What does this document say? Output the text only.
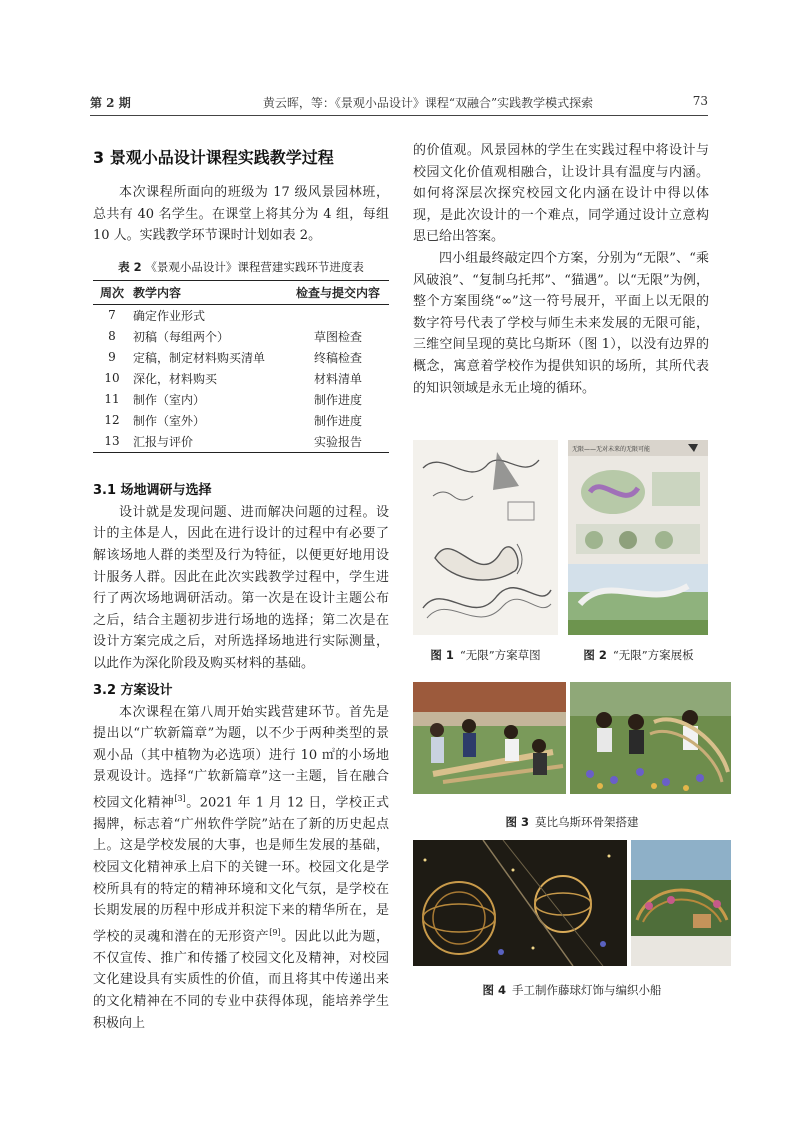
第 2 期	黄云晖，等：《景观小品设计》课程“双融合”实践教学模式探索	73
3 景观小品设计课程实践教学过程

本次课程所面向的班级为 17 级风景园林班，总共有 40 名学生。在课堂上将其分为 4 组，每组 10 人。实践教学环节课时计划如表 2。

表 2 《景观小品设计》课程营建实践环节进度表
周次	教学内容	检查与提交内容
7	确定作业形式	
8	初稿（每组两个）	草图检查
9	定稿，制定材料购买清单	终稿检查
10	深化，材料购买	材料清单
11	制作（室内）	制作进度
12	制作（室外）	制作进度
13	汇报与评价	实验报告
3.1 场地调研与选择

设计就是发现问题、进而解决问题的过程。设计的主体是人，因此在进行设计的过程中有必要了解该场地人群的类型及行为特征，以便更好地用设计服务人群。因此在此次实践教学过程中，学生进行了两次场地调研活动。第一次是在设计主题公布之后，结合主题初步进行场地的选择；第二次是在设计方案完成之后，对所选择场地进行实际测量，以此作为深化阶段及购买材料的基础。

3.2 方案设计

本次课程在第八周开始实践营建环节。首先是提出以“广软新篇章”为题，以不少于两种类型的景观小品（其中植物为必选项）进行 10 ㎡的小场地景观设计。选择“广软新篇章”这一主题，旨在融合校园文化精神[3]。2021 年 1 月 12 日，学校正式揭牌，标志着“广州软件学院”站在了新的历史起点上。这是学校发展的大事，也是师生发展的基础，校园文化精神承上启下的关键一环。校园文化是学校所具有的特定的精神环境和文化气氛，是学校在长期发展的历程中形成并积淀下来的精华所在，是学校的灵魂和潜在的无形资产[9]。因此以此为题，不仅宣传、推广和传播了校园文化及精神，对校园文化建设具有实质性的价值，而且将其中传递出来的文化精神在不同的专业中获得体现，能培养学生积极向上

的价值观。风景园林的学生在实践过程中将设计与校园文化价值观相融合，让设计具有温度与内涵。如何将深层次探究校园文化内涵在设计中得以体现，是此次设计的一个难点，同学通过设计立意构思已给出答案。

四小组最终敲定四个方案，分别为“无限”、“乘风破浪”、“复制乌托邦”、“猫遇”。以“无限”为例，整个方案围绕“∞”这一符号展开，平面上以无限的数字符号代表了学校与师生未来发展的无限可能，三维空间呈现的莫比乌斯环（图 1），以没有边界的概念，寓意着学校作为提供知识的场所，其所代表的知识领域是永无止境的循环。

无限——无对未来的无限可能
图 1 “无限”方案草图	图 2 “无限”方案展板
图 3 莫比乌斯环骨架搭建
图 4 手工制作藤球灯饰与编织小船
